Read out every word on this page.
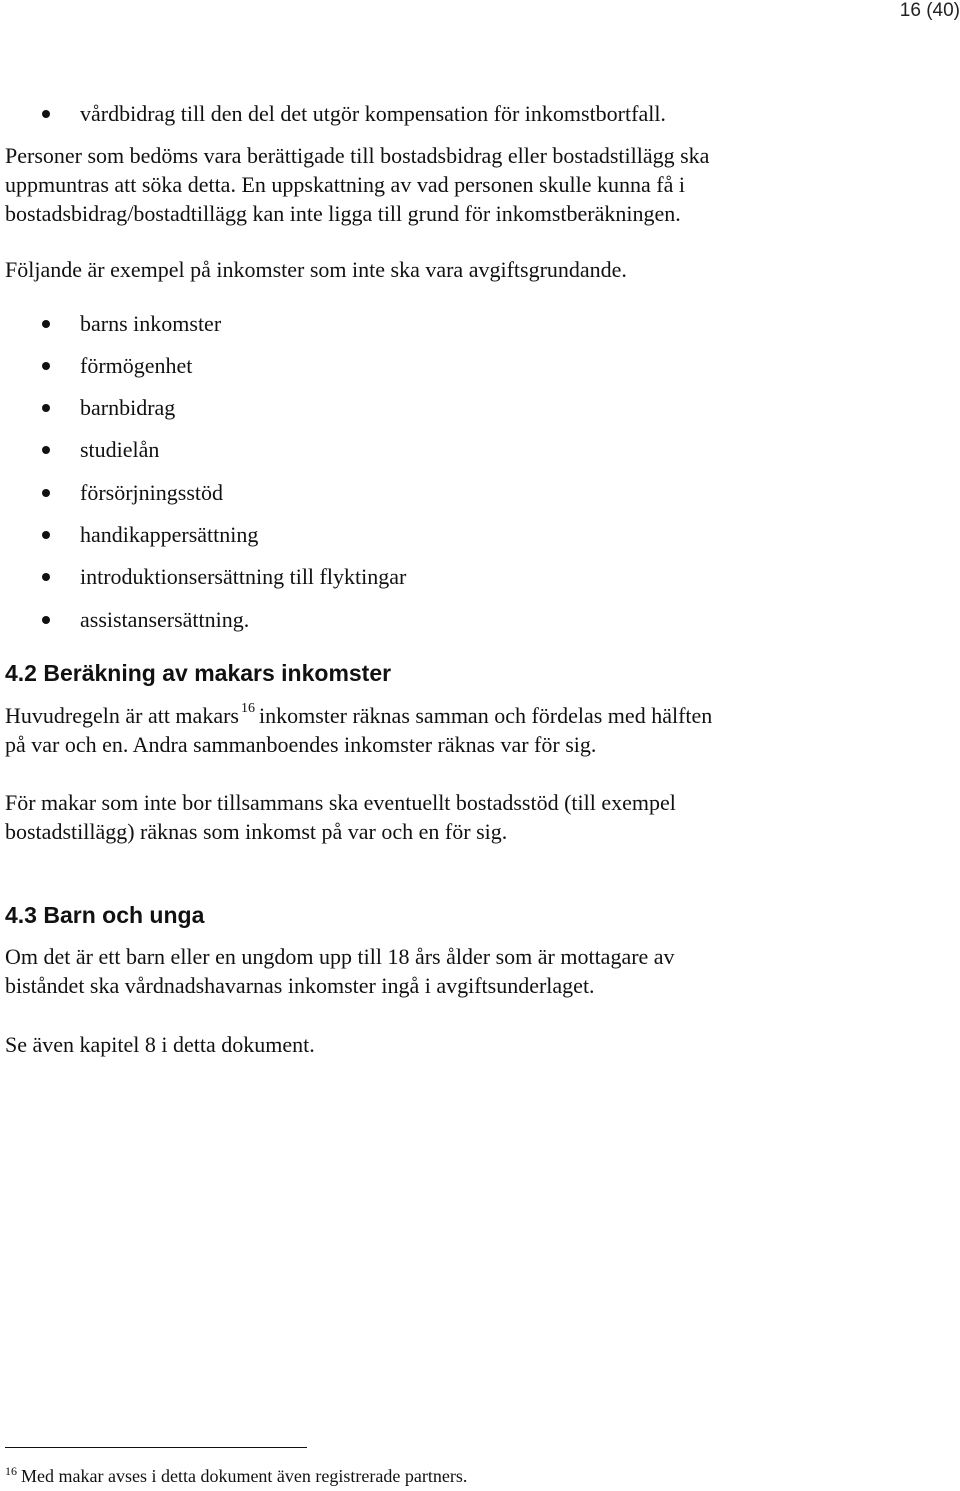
16 (40)
vårdbidrag till den del det utgör kompensation för inkomstbortfall.

Personer som bedöms vara berättigade till bostadsbidrag eller bostadstillägg ska
uppmuntras att söka detta. En uppskattning av vad personen skulle kunna få i
bostadsbidrag/bostadtillägg kan inte ligga till grund för inkomstberäkningen.

Följande är exempel på inkomster som inte ska vara avgiftsgrundande.

barns inkomster
förmögenhet
barnbidrag
studielån
försörjningsstöd
handikappersättning
introduktionsersättning till flyktingar
assistansersättning.
4.2 Beräkning av makars inkomster

Huvudregeln är att makars $^{16}$ inkomster räknas samman och fördelas med hälften
på var och en. Andra sammanboendes inkomster räknas var för sig.

För makar som inte bor tillsammans ska eventuellt bostadsstöd (till exempel
bostadstillägg) räknas som inkomst på var och en för sig.

4.3 Barn och unga

Om det är ett barn eller en ungdom upp till 18 års ålder som är mottagare av
biståndet ska vårdnadshavarnas inkomster ingå i avgiftsunderlaget.

Se även kapitel 8 i detta dokument.

$^{16}$ Med makar avses i detta dokument även registrerade partners.
